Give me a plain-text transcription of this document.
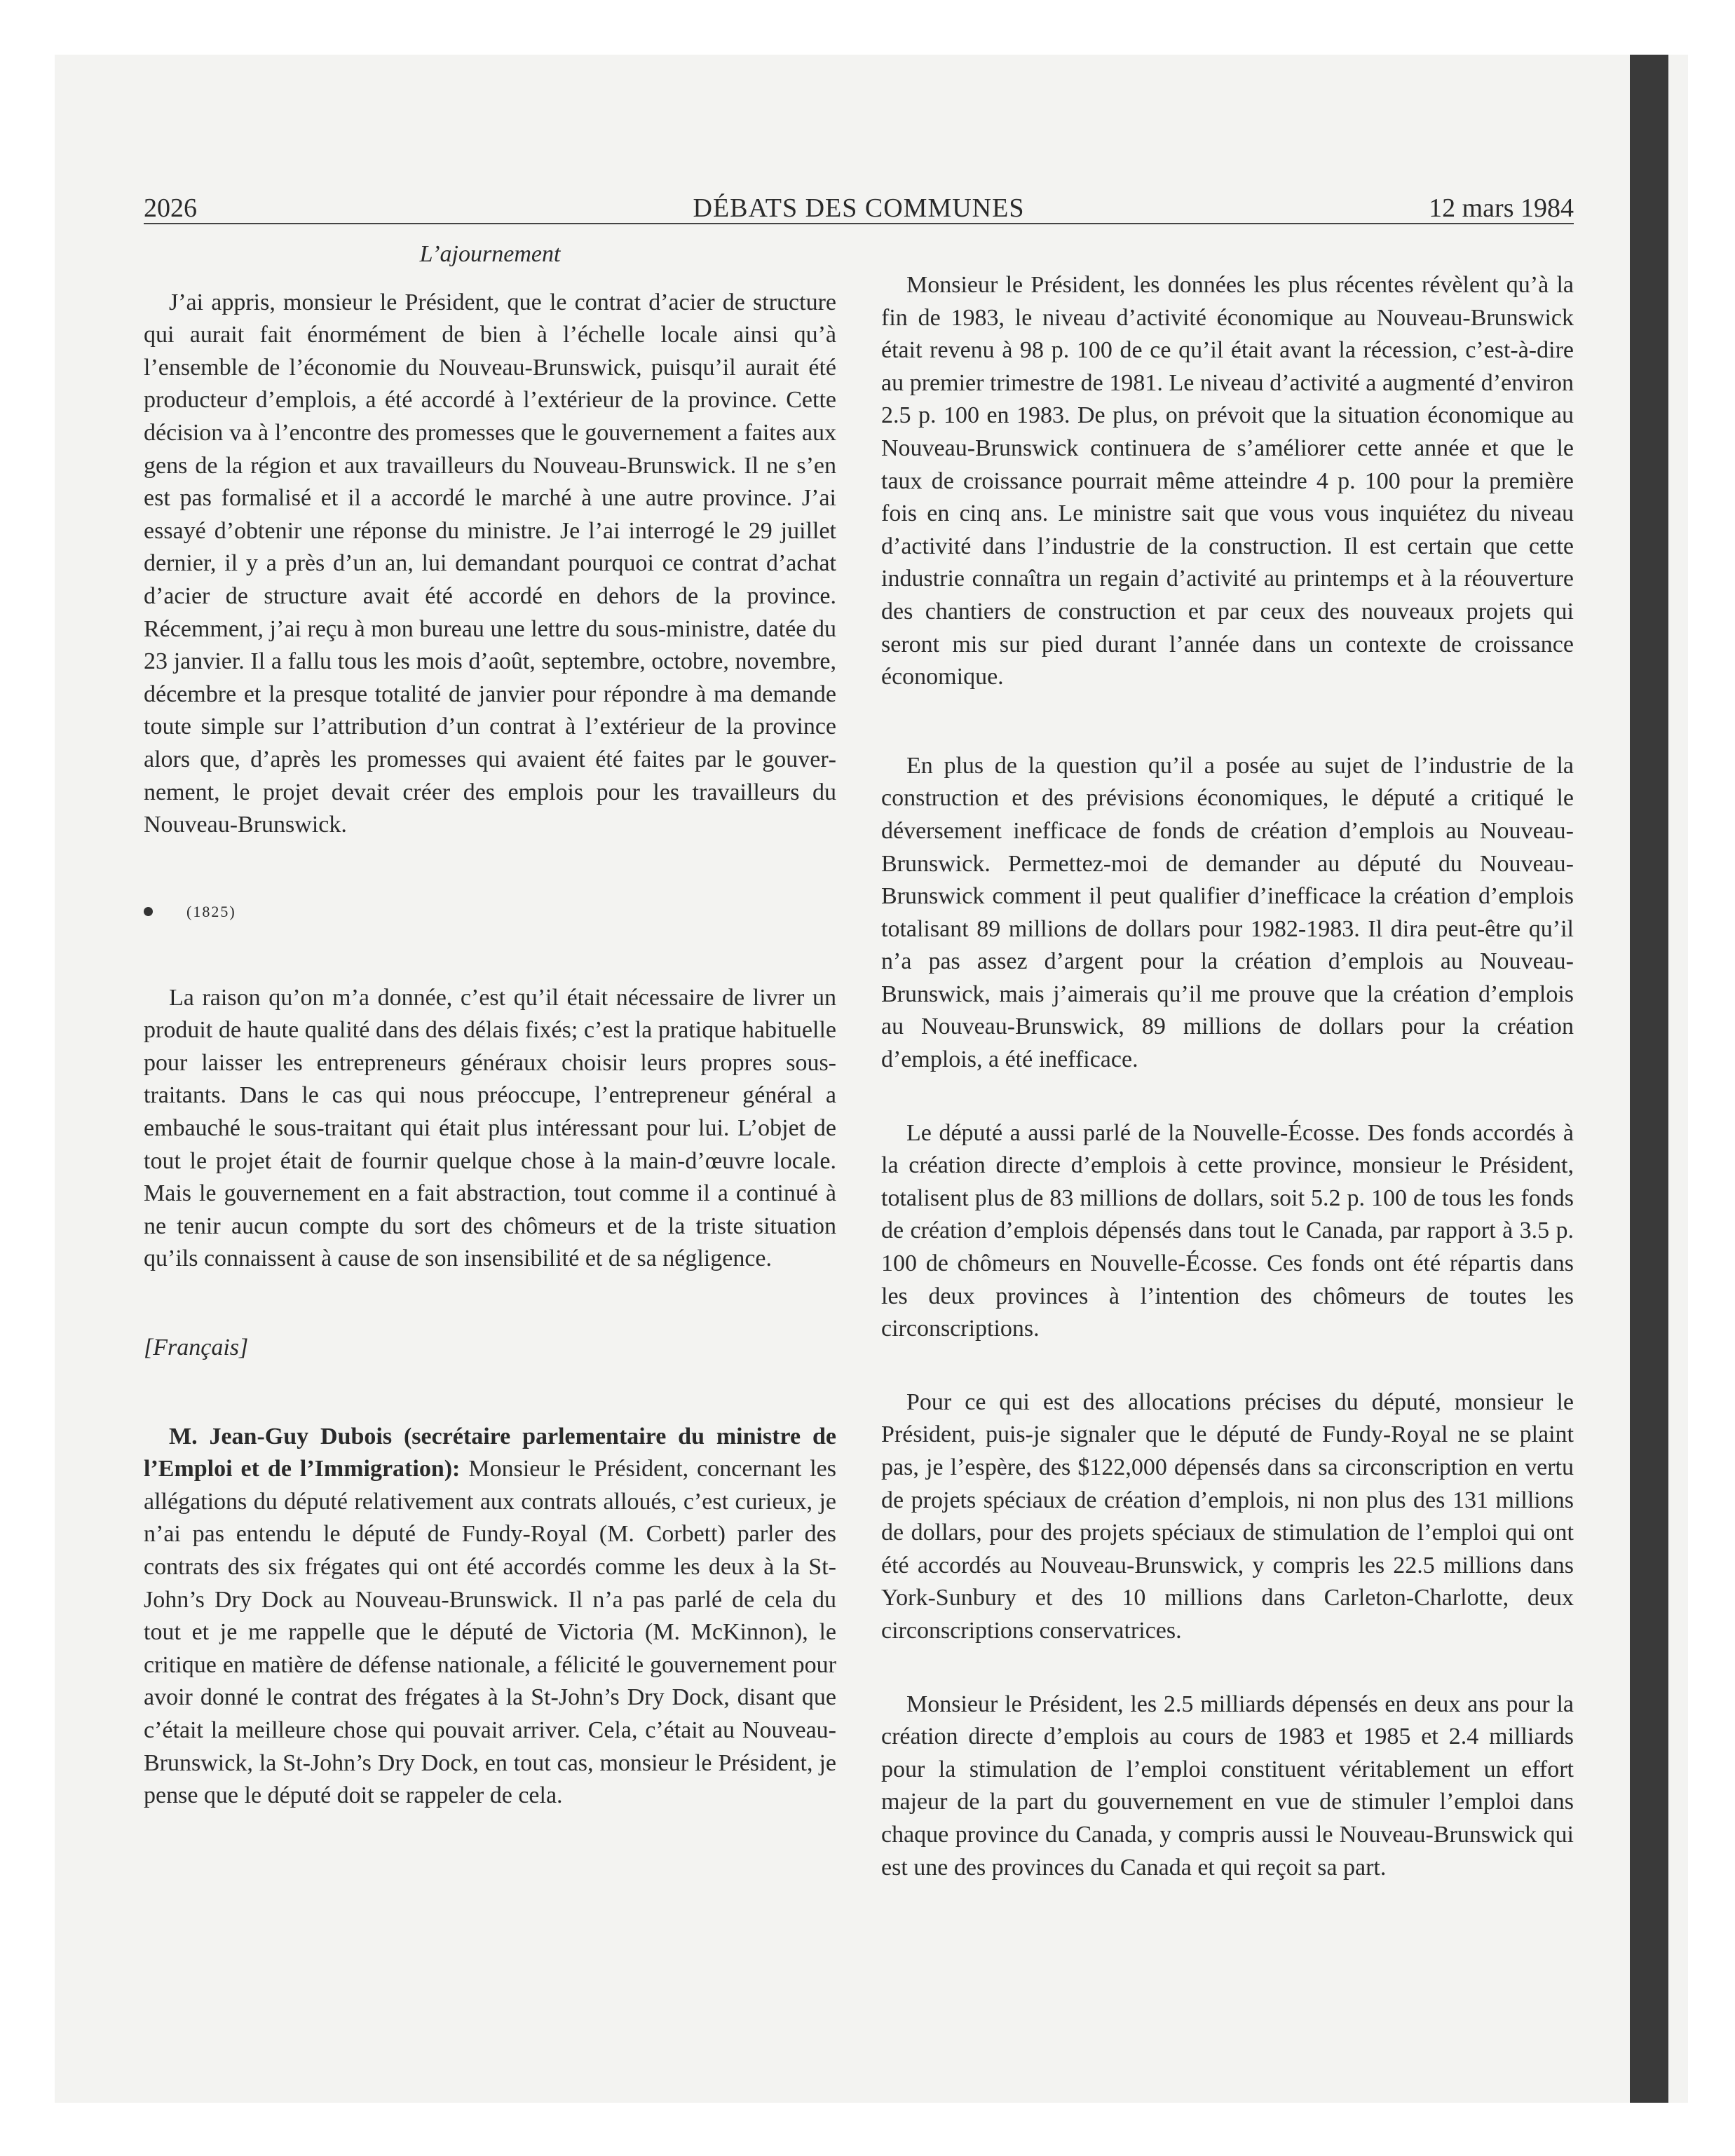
2026	DÉBATS DES COMMUNES	12 mars 1984

L’ajournement

J’ai appris, monsieur le Président, que le contrat d’acier de structure qui aurait fait énormément de bien à l’échelle locale ainsi qu’à l’ensemble de l’économie du Nouveau-Brunswick, puisqu’il aurait été producteur d’emplois, a été accordé à l’extérieur de la province. Cette décision va à l’encontre des promesses que le gouvernement a faites aux gens de la région et aux travailleurs du Nouveau-Brunswick. Il ne s’en est pas formalisé et il a accordé le marché à une autre province. J’ai essayé d’obtenir une réponse du ministre. Je l’ai interrogé le 29 juillet dernier, il y a près d’un an, lui demandant pourquoi ce contrat d’achat d’acier de structure avait été accordé en dehors de la province. Récemment, j’ai reçu à mon bureau une lettre du sous-ministre, datée du 23 janvier. Il a fallu tous les mois d’août, septembre, octobre, novembre, décembre et la presque totalité de janvier pour répondre à ma demande toute simple sur l’attribution d’un contrat à l’extérieur de la province alors que, d’après les promesses qui avaient été faites par le gouvernement, le projet devait créer des emplois pour les travailleurs du Nouveau-Brunswick.

(1825)

La raison qu’on m’a donnée, c’est qu’il était nécessaire de livrer un produit de haute qualité dans des délais fixés; c’est la pratique habituelle pour laisser les entrepreneurs généraux choisir leurs propres sous-traitants. Dans le cas qui nous préoccupe, l’entrepreneur général a embauché le sous-traitant qui était plus intéressant pour lui. L’objet de tout le projet était de fournir quelque chose à la main-d’œuvre locale. Mais le gouvernement en a fait abstraction, tout comme il a continué à ne tenir aucun compte du sort des chômeurs et de la triste situation qu’ils connaissent à cause de son insensibilité et de sa négligence.

[Français]

M. Jean-Guy Dubois (secrétaire parlementaire du ministre de l’Emploi et de l’Immigration): Monsieur le Président, concernant les allégations du député relativement aux contrats alloués, c’est curieux, je n’ai pas entendu le député de Fundy-Royal (M. Corbett) parler des contrats des six frégates qui ont été accordés comme les deux à la St-John’s Dry Dock au Nouveau-Brunswick. Il n’a pas parlé de cela du tout et je me rappelle que le député de Victoria (M. McKinnon), le critique en matière de défense nationale, a félicité le gouvernement pour avoir donné le contrat des frégates à la St-John’s Dry Dock, disant que c’était la meilleure chose qui pouvait arriver. Cela, c’était au Nouveau-Brunswick, la St-John’s Dry Dock, en tout cas, monsieur le Président, je pense que le député doit se rappeler de cela.

Monsieur le Président, les données les plus récentes révèlent qu’à la fin de 1983, le niveau d’activité économique au Nouveau-Brunswick était revenu à 98 p. 100 de ce qu’il était avant la récession, c’est-à-dire au premier trimestre de 1981. Le niveau d’activité a augmenté d’environ 2.5 p. 100 en 1983. De plus, on prévoit que la situation économique au Nouveau-Brunswick continuera de s’améliorer cette année et que le taux de croissance pourrait même atteindre 4 p. 100 pour la première fois en cinq ans. Le ministre sait que vous vous inquiétez du niveau d’activité dans l’industrie de la construction. Il est certain que cette industrie connaîtra un regain d’activité au printemps et à la réouverture des chantiers de construction et par ceux des nouveaux projets qui seront mis sur pied durant l’année dans un contexte de croissance économique.

En plus de la question qu’il a posée au sujet de l’industrie de la construction et des prévisions économiques, le député a critiqué le déversement inefficace de fonds de création d’emplois au Nouveau-Brunswick. Permettez-moi de demander au député du Nouveau-Brunswick comment il peut qualifier d’inefficace la création d’emplois totalisant 89 millions de dollars pour 1982-1983. Il dira peut-être qu’il n’a pas assez d’argent pour la création d’emplois au Nouveau-Brunswick, mais j’aimerais qu’il me prouve que la création d’emplois au Nouveau-Brunswick, 89 millions de dollars pour la création d’emplois, a été inefficace.

Le député a aussi parlé de la Nouvelle-Écosse. Des fonds accordés à la création directe d’emplois à cette province, monsieur le Président, totalisent plus de 83 millions de dollars, soit 5.2 p. 100 de tous les fonds de création d’emplois dépensés dans tout le Canada, par rapport à 3.5 p. 100 de chômeurs en Nouvelle-Écosse. Ces fonds ont été répartis dans les deux provinces à l’intention des chômeurs de toutes les circonscriptions.

Pour ce qui est des allocations précises du député, monsieur le Président, puis-je signaler que le député de Fundy-Royal ne se plaint pas, je l’espère, des $122,000 dépensés dans sa circonscription en vertu de projets spéciaux de création d’emplois, ni non plus des 131 millions de dollars, pour des projets spéciaux de stimulation de l’emploi qui ont été accordés au Nouveau-Brunswick, y compris les 22.5 millions dans York-Sunbury et des 10 millions dans Carleton-Charlotte, deux circonscriptions conservatrices.

Monsieur le Président, les 2.5 milliards dépensés en deux ans pour la création directe d’emplois au cours de 1983 et 1985 et 2.4 milliards pour la stimulation de l’emploi constituent véritablement un effort majeur de la part du gouvernement en vue de stimuler l’emploi dans chaque province du Canada, y compris aussi le Nouveau-Brunswick qui est une des provinces du Canada et qui reçoit sa part.
